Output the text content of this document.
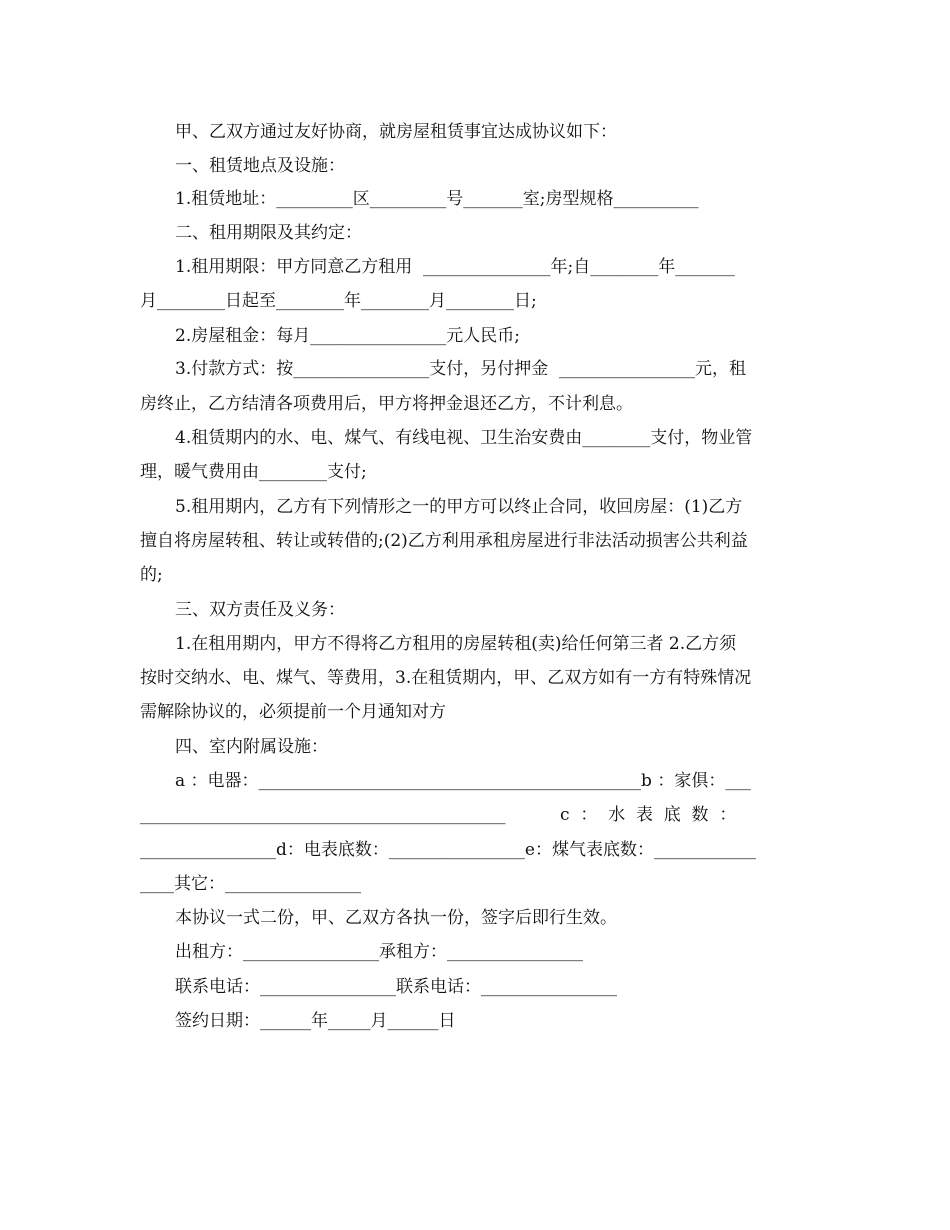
甲、乙双方通过友好协商，就房屋租赁事宜达成协议如下：
一、租赁地点及设施：
1.租赁地址：_________区_________号_______室;房型规格__________
二、租用期限及其约定：
1.租用期限：甲方同意乙方租用  _______________年;自________年_______
月________日起至________年________月________日;
2.房屋租金：每月________________元人民币;
3.付款方式：按________________支付，另付押金  ________________元，租
房终止，乙方结清各项费用后，甲方将押金退还乙方，不计利息。
4.租赁期内的水、电、煤气、有线电视、卫生治安费由________支付，物业管
理，暖气费用由________支付;
5.租用期内，乙方有下列情形之一的甲方可以终止合同，收回房屋：(1)乙方
擅自将房屋转租、转让或转借的;(2)乙方利用承租房屋进行非法活动损害公共利益
的;
三、双方责任及义务：
1.在租用期内，甲方不得将乙方租用的房屋转租(卖)给任何第三者 2.乙方须
按时交纳水、电、煤气、等费用，3.在租赁期内，甲、乙双方如有一方有特殊情况
需解除协议的，必须提前一个月通知对方
四、室内附属设施：
a ：电器：_____________________________________________b ：家俱：___
___________________________________________	c  ：  水  表  底  数  ：
________________d：电表底数：________________e：煤气表底数：____________
____其它：________________
本协议一式二份，甲、乙双方各执一份，签字后即行生效。
出租方：________________承租方：________________
联系电话：________________联系电话：________________
签约日期：______年_____月______日
